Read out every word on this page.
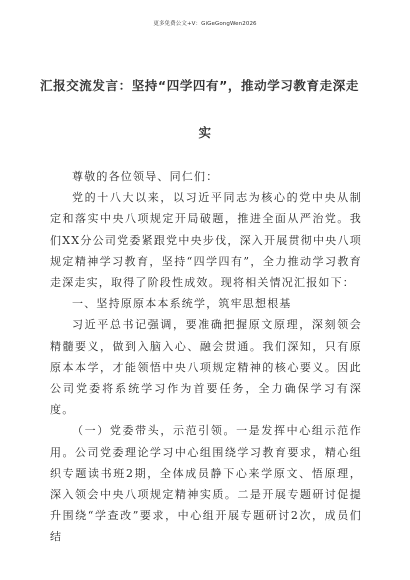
更多免费公文+V：GiGeGongWen2026
汇报交流发言：坚持“四学四有”，推动学习教育走深走
实

尊敬的各位领导、同仁们：

党的十八大以来，以习近平同志为核心的党中央从制定和落实中央八项规定开局破题，推进全面从严治党。我们XX分公司党委紧跟党中央步伐，深入开展贯彻中央八项规定精神学习教育，坚持“四学四有”，全力推动学习教育走深走实，取得了阶段性成效。现将相关情况汇报如下：

一、坚持原原本本系统学，筑牢思想根基

习近平总书记强调，要准确把握原文原理，深刻领会精髓要义，做到入脑入心、融会贯通。我们深知，只有原原本本学，才能领悟中央八项规定精神的核心要义。因此公司党委将系统学习作为首要任务，全力确保学习有深度。

（一）党委带头，示范引领。一是发挥中心组示范作用。公司党委理论学习中心组围绕学习教育要求，精心组织专题读书班2期，全体成员静下心来学原文、悟原理，深入领会中央八项规定精神实质。二是开展专题研讨促提升围绕“学查改”要求，中心组开展专题研讨2次，成员们结
